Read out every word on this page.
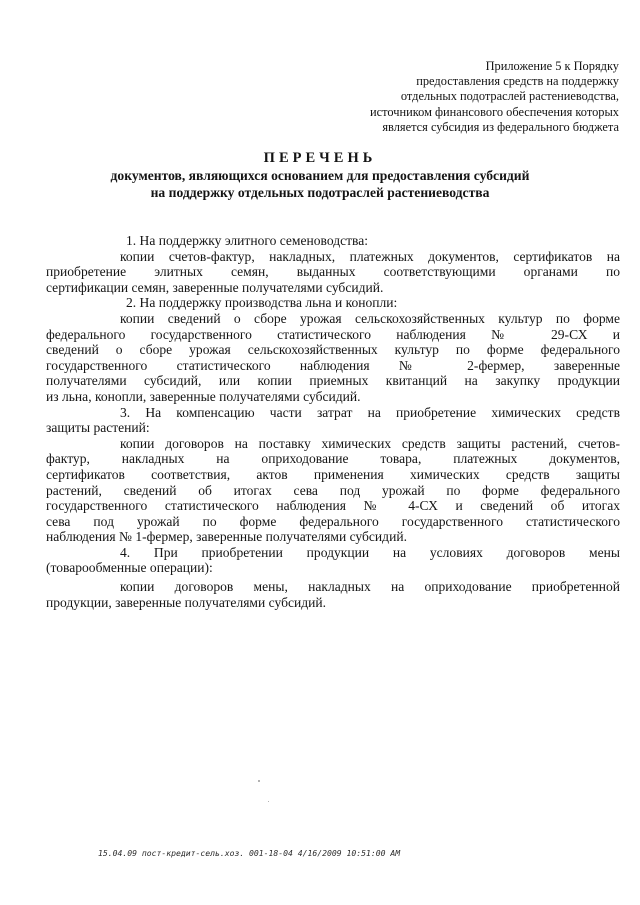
Приложение 5 к Порядку
предоставления средств на поддержку
отдельных подотраслей растениеводства,
источником финансового обеспечения которых
является субсидия из федерального бюджета
ПЕРЕЧЕНЬ
документов, являющихся основанием для предоставления субсидий
на поддержку отдельных подотраслей растениеводства
1. На поддержку элитного семеноводства:
копии счетов-фактур, накладных, платежных документов, сертификатов на
приобретение элитных семян, выданных соответствующими органами по
сертификации семян, заверенные получателями субсидий.
2. На поддержку производства льна и конопли:
копии сведений о сборе урожая сельскохозяйственных культур по форме
федерального государственного статистического наблюдения № 29-СХ и
сведений о сборе урожая сельскохозяйственных культур по форме федерального
государственного статистического наблюдения № 2-фермер, заверенные
получателями субсидий, или копии приемных квитанций на закупку продукции
из льна, конопли, заверенные получателями субсидий.
3. На компенсацию части затрат на приобретение химических средств
защиты растений:
копии договоров на поставку химических средств защиты растений, счетов-
фактур, накладных на оприходование товара, платежных документов,
сертификатов соответствия, актов применения химических средств защиты
растений, сведений об итогах сева под урожай по форме федерального
государственного статистического наблюдения № 4-СХ и сведений об итогах
сева под урожай по форме федерального государственного статистического
наблюдения № 1-фермер, заверенные получателями субсидий.
4. При приобретении продукции на условиях договоров мены
(товарообменные операции):
копии договоров мены, накладных на оприходование приобретенной
продукции, заверенные получателями субсидий.
15.04.09 пост-кредит-сель.хоз. 001-18-04 4/16/2009 10:51:00 AM
